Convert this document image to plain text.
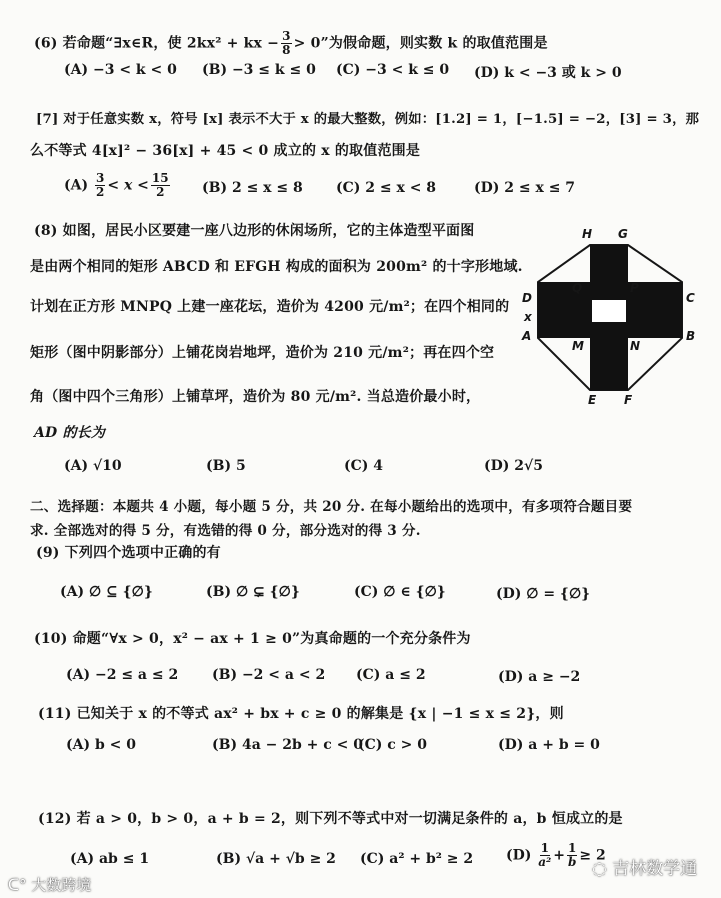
(6) 若命题“∃x∈R，使 2kx² + kx − $\frac{3}{8} > 0$”为假命题，则实数 k 的取值范围是
(A) −3 < k < 0 (B) −3 ≤ k ≤ 0 (C) −3 < k ≤ 0 (D) k < −3 或 k > 0
[7] 对于任意实数 x，符号 [x] 表示不大于 x 的最大整数，例如：[1.2] = 1，[−1.5] = −2，[3] = 3，那
么不等式 4[x]² − 36[x] + 45 < 0 成立的 x 的取值范围是
$(A) \frac{3}{2} < x < \frac{15}{2} (B) 2 \le x \le 8$ (C) 2 ≤ x < 8	(D) 2 ≤ x ≤ 7
(8) 如图，居民小区要建一座八边形的休闲场所，它的主体造型平面图
是由两个相同的矩形 ABCD 和 EFGH 构成的面积为 200m² 的十字形地域.
计划在正方形 MNPQ 上建一座花坛，造价为 4200 元/m²；在四个相同的
矩形（图中阴影部分）上铺花岗岩地坪，造价为 210 元/m²；再在四个空
角（图中四个三角形）上铺草坪，造价为 80 元/m². 当总造价最小时，
AD 的长为
(A) √10	(B) 5	(C) 4	(D) 2√5
H G
D	C
A	B
E F
Q	P
M	N
x
二、选择题：本题共 4 小题，每小题 5 分，共 20 分. 在每小题给出的选项中，有多项符合题目要
求. 全部选对的得 5 分，有选错的得 0 分，部分选对的得 3 分.
(9) 下列四个选项中正确的有
(A) ∅ ⊆ {∅}	(B) ∅ ⊊ {∅}	(C) ∅ ∈ {∅}	(D) ∅ = {∅}
(10) 命题“∀x > 0，x² − ax + 1 ≥ 0”为真命题的一个充分条件为
(A) −2 ≤ a ≤ 2 (B) −2 < a < 2 (C) a ≤ 2	(D) a ≥ −2
(11) 已知关于 x 的不等式 ax² + bx + c ≥ 0 的解集是 {x | −1 ≤ x ≤ 2}，则
(A) b < 0	(B) 4a − 2b + c < 0
(C) c > 0	(D) a + b = 0
(12) 若 a > 0，b > 0，a + b = 2，则下列不等式中对一切满足条件的 a，b 恒成立的是
(A) ab ≤ 1	(B) √a + √b ≥ 2 (C) a² + b² ≥ 2 $(D) \frac{1}{\text{a²}} + \frac{1}{b} \ge 2$
ᑕ° 大数跨境
◌ 吉林数学通
